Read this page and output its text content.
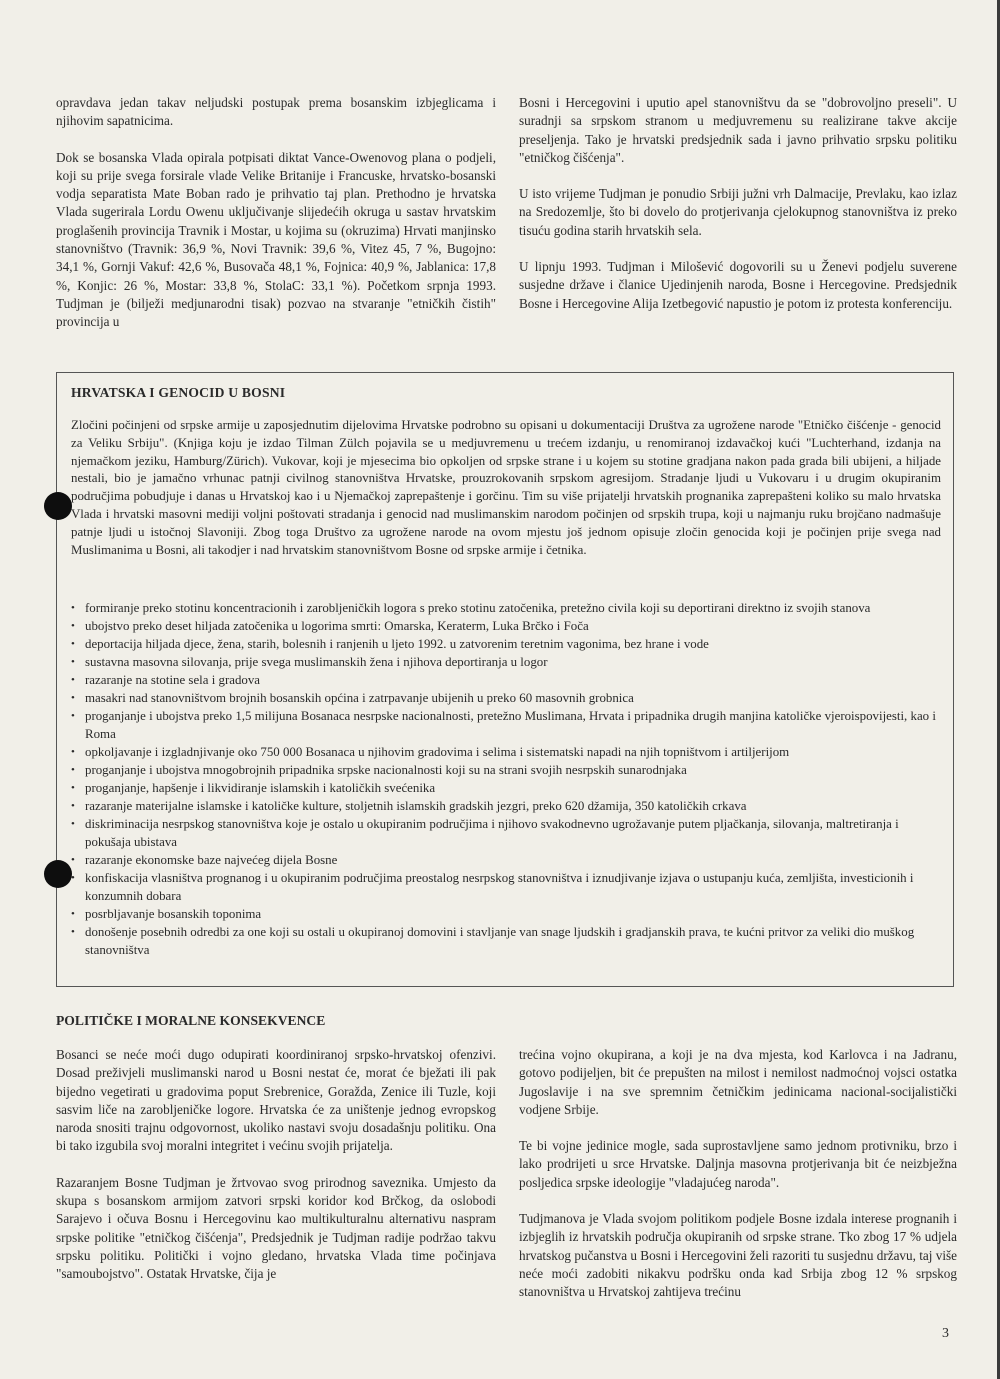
opravdava jedan takav neljudski postupak prema bosanskim izbjeglicama i njihovim sapatnicima.

Dok se bosanska Vlada opirala potpisati diktat Vance-Owenovog plana o podjeli, koji su prije svega forsirale vlade Velike Britanije i Francuske, hrvatsko-bosanski vodja separatista Mate Boban rado je prihvatio taj plan. Prethodno je hrvatska Vlada sugerirala Lordu Owenu uključivanje slijedećih okruga u sastav hrvatskim proglašenih provincija Travnik i Mostar, u kojima su (okruzima) Hrvati manjinsko stanovništvo (Travnik: 36,9 %, Novi Travnik: 39,6 %, Vitez 45, 7 %, Bugojno: 34,1 %, Gornji Vakuf: 42,6 %, Busovača 48,1 %, Fojnica: 40,9 %, Jablanica: 17,8 %, Konjic: 26 %, Mostar: 33,8 %, StolaC: 33,1 %). Početkom srpnja 1993. Tudjman je (bilježi medjunarodni tisak) pozvao na stvaranje "etničkih čistih" provincija u

Bosni i Hercegovini i uputio apel stanovništvu da se "dobrovoljno preseli". U suradnji sa srpskom stranom u medjuvremenu su realizirane takve akcije preseljenja. Tako je hrvatski predsjednik sada i javno prihvatio srpsku politiku "etničkog čišćenja".

U isto vrijeme Tudjman je ponudio Srbiji južni vrh Dalmacije, Prevlaku, kao izlaz na Sredozemlje, što bi dovelo do protjerivanja cjelokupnog stanovništva iz preko tisuću godina starih hrvatskih sela.

U lipnju 1993. Tudjman i Milošević dogovorili su u Ženevi podjelu suverene susjedne države i članice Ujedinjenih naroda, Bosne i Hercegovine. Predsjednik Bosne i Hercegovine Alija Izetbegović napustio je potom iz protesta konferenciju.

HRVATSKA I GENOCID U BOSNI

Zločini počinjeni od srpske armije u zaposjednutim dijelovima Hrvatske podrobno su opisani u dokumentaciji Društva za ugrožene narode "Etničko čišćenje - genocid za Veliku Srbiju". (Knjiga koju je izdao Tilman Zülch pojavila se u medjuvremenu u trećem izdanju, u renomiranoj izdavačkoj kući "Luchterhand, izdanja na njemačkom jeziku, Hamburg/Zürich). Vukovar, koji je mjesecima bio opkoljen od srpske strane i u kojem su stotine gradjana nakon pada grada bili ubijeni, a hiljade nestali, bio je jamačno vrhunac patnji civilnog stanovništva Hrvatske, prouzrokovanih srpskom agresijom. Stradanje ljudi u Vukovaru i u drugim okupiranim područjima pobudjuje i danas u Hrvatskoj kao i u Njemačkoj zaprepaštenje i gorčinu. Tim su više prijatelji hrvatskih prognanika zaprepašteni koliko su malo hrvatska Vlada i hrvatski masovni mediji voljni poštovati stradanja i genocid nad muslimanskim narodom počinjen od srpskih trupa, koji u najmanju ruku brojčano nadmašuje patnje ljudi u istočnoj Slavoniji. Zbog toga Društvo za ugrožene narode na ovom mjestu još jednom opisuje zločin genocida koji je počinjen prije svega nad Muslimanima u Bosni, ali takodjer i nad hrvatskim stanovništvom Bosne od srpske armije i četnika.

• formiranje preko stotinu koncentracionih i zarobljeničkih logora s preko stotinu zatočenika, pretežno civila koji su deportirani direktno iz svojih stanova
• ubojstvo preko deset hiljada zatočenika u logorima smrti: Omarska, Keraterm, Luka Brčko i Foča
• deportacija hiljada djece, žena, starih, bolesnih i ranjenih u ljeto 1992. u zatvorenim teretnim vagonima, bez hrane i vode
• sustavna masovna silovanja, prije svega muslimanskih žena i njihova deportiranja u logor
• razaranje na stotine sela i gradova
• masakri nad stanovništvom brojnih bosanskih općina i zatrpavanje ubijenih u preko 60 masovnih grobnica
• proganjanje i ubojstva preko 1,5 milijuna Bosanaca nesrpske nacionalnosti, pretežno Muslimana, Hrvata i pripadnika drugih manjina katoličke vjeroispovijesti, kao i Roma
• opkoljavanje i izgladnjivanje oko 750 000 Bosanaca u njihovim gradovima i selima i sistematski napadi na njih topništvom i artiljerijom
• proganjanje i ubojstva mnogobrojnih pripadnika srpske nacionalnosti koji su na strani svojih nesrpskih sunarodnjaka
• proganjanje, hapšenje i likvidiranje islamskih i katoličkih svećenika
• razaranje materijalne islamske i katoličke kulture, stoljetnih islamskih gradskih jezgri, preko 620 džamija, 350 katoličkih crkava
• diskriminacija nesrpskog stanovništva koje je ostalo u okupiranim područjima i njihovo svakodnevno ugrožavanje putem pljačkanja, silovanja, maltretiranja i pokušaja ubistava
• razaranje ekonomske baze najvećeg dijela Bosne
• konfiskacija vlasništva prognanog i u okupiranim područjima preostalog nesrpskog stanovništva i iznudjivanje izjava o ustupanju kuća, zemljišta, investicionih i konzumnih dobara
• posrbljavanje bosanskih toponima
• donošenje posebnih odredbi za one koji su ostali u okupiranoj domovini i stavljanje van snage ljudskih i gradjanskih prava, te kućni pritvor za veliki dio muškog stanovništva
POLITIČKE I MORALNE KONSEKVENCE

Bosanci se neće moći dugo odupirati koordiniranoj srpsko-hrvatskoj ofenzivi. Dosad preživjeli muslimanski narod u Bosni nestat će, morat će bježati ili pak bijedno vegetirati u gradovima poput Srebrenice, Goražda, Zenice ili Tuzle, koji sasvim liče na zarobljeničke logore. Hrvatska će za uništenje jednog evropskog naroda snositi trajnu odgovornost, ukoliko nastavi svoju dosadašnju politiku. Ona bi tako izgubila svoj moralni integritet i većinu svojih prijatelja.

Razaranjem Bosne Tudjman je žrtvovao svog prirodnog saveznika. Umjesto da skupa s bosanskom armijom zatvori srpski koridor kod Brčkog, da oslobodi Sarajevo i očuva Bosnu i Hercegovinu kao multikulturalnu alternativu naspram srpske politike "etničkog čišćenja", Predsjednik je Tudjman radije podržao takvu srpsku politiku. Politički i vojno gledano, hrvatska Vlada time počinjava "samoubojstvo". Ostatak Hrvatske, čija je

trećina vojno okupirana, a koji je na dva mjesta, kod Karlovca i na Jadranu, gotovo podijeljen, bit će prepušten na milost i nemilost nadmoćnoj vojsci ostatka Jugoslavije i na sve spremnim četničkim jedinicama nacional-socijalistički vodjene Srbije.

Te bi vojne jedinice mogle, sada suprostavljene samo jednom protivniku, brzo i lako prodrijeti u srce Hrvatske. Daljnja masovna protjerivanja bit će neizbježna posljedica srpske ideologije "vladajućeg naroda".

Tudjmanova je Vlada svojom politikom podjele Bosne izdala interese prognanih i izbjeglih iz hrvatskih područja okupiranih od srpske strane. Tko zbog 17 % udjela hrvatskog pučanstva u Bosni i Hercegovini želi razoriti tu susjednu državu, taj više neće moći zadobiti nikakvu podršku onda kad Srbija zbog 12 % srpskog stanovništva u Hrvatskoj zahtijeva trećinu

3
